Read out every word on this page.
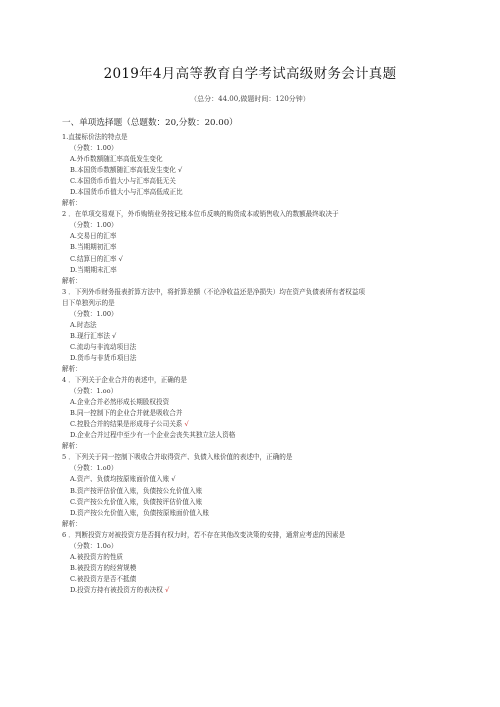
2019年4月高等教育自学考试高级财务会计真题
（总分：44.00,做题时间：120分钟）
一、单项选择题（总题数：20,分数：20.00）
1.直接标价法的特点是
（分数：1.00）
A.外币数额随汇率高低发生变化
B.本国货币数额随汇率高低发生变化 √
C.本国货币币值大小与汇率高低无关
D.本国货币币值大小与汇率高低成正比
解析：
2 ．在单项交易观下，外币购销业务按记账本位币反映的购货成本或销售收入的数额最终取决于
（分数：1.00）
A.交易日的汇率
B.当期期初汇率
C.结算日的汇率 √
D.当期期末汇率
解析：
3 ．下列外币财务报表折算方法中，将折算差额（不论净收益还是净损失）均在资产负债表所有者权益项
目下单独列示的是
（分数：1.00）
A.时态法
B.现行汇率法 √
C.流动与非流动项目法
D.货币与非货币项目法
解析：
4 ．下列关于企业合并的表述中，正确的是
（分数：1.oo）
A.企业合并必然形成长期股权投资
B.同一控制下的企业合并就是吸收合并
C.控股合并的结果是形成母子公司关系 √
D.企业合并过程中至少有一个企业会丧失其独立法人资格
解析：
5 ．下列关于同一控制下吸收合并取得资产、负债入账价值的表述中，正确的是
（分数：1.o0）
A.资产、负债均按原账面价值入账 √
B.资产按评估价值入账，负债按公允价值入账
C.资产按公允价值入账，负债按评估价值入账
D.资产按公允价值入账，负债按原账面价值入账
解析：
6 ．判断投资方对被投资方是否拥有权力时，若不存在其他改变决策的安排，通常应考虑的因素是
（分数：1.0o）
A.被投资方的性质
B.被投资方的经营规模
C.被投资方是否不抵债
D.投资方持有被投资方的表决权 √
